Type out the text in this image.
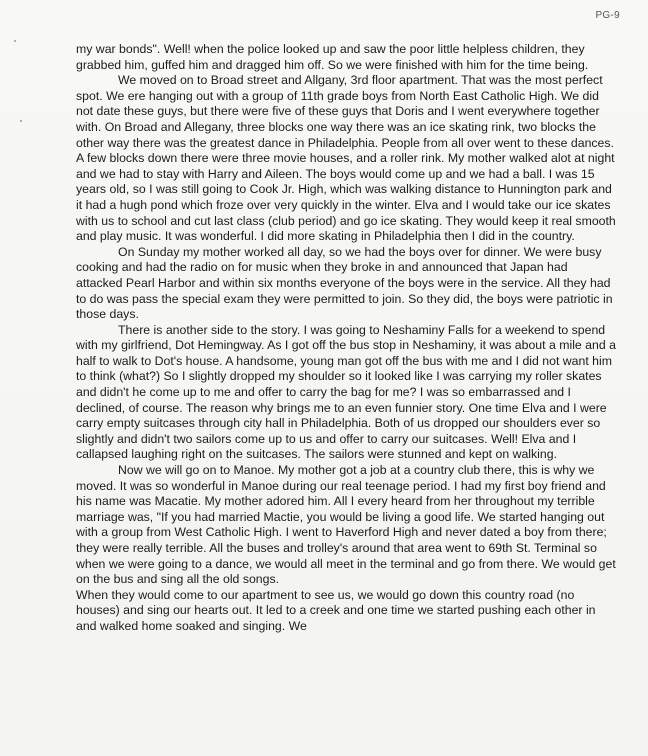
PG-9

my war bonds". Well! when the police looked up and saw the poor little helpless children, they grabbed him, guffed him and dragged him off. So we were finished with him for the time being.

We moved on to Broad street and Allgany, 3rd floor apartment. That was the most perfect spot. We ere hanging out with a group of 11th grade boys from North East Catholic High. We did not date these guys, but there were five of these guys that Doris and I went everywhere together with. On Broad and Allegany, three blocks one way there was an ice skating rink, two blocks the other way there was the greatest dance in Philadelphia. People from all over went to these dances. A few blocks down there were three movie houses, and a roller rink. My mother walked alot at night and we had to stay with Harry and Aileen. The boys would come up and we had a ball. I was 15 years old, so I was still going to Cook Jr. High, which was walking distance to Hunnington park and it had a hugh pond which froze over very quickly in the winter. Elva and I would take our ice skates with us to school and cut last class (club period) and go ice skating. They would keep it real smooth and play music. It was wonderful. I did more skating in Philadelphia then I did in the country.

On Sunday my mother worked all day, so we had the boys over for dinner. We were busy cooking and had the radio on for music when they broke in and announced that Japan had attacked Pearl Harbor and within six months everyone of the boys were in the service. All they had to do was pass the special exam they were permitted to join. So they did, the boys were patriotic in those days.

There is another side to the story. I was going to Neshaminy Falls for a weekend to spend with my girlfriend, Dot Hemingway. As I got off the bus stop in Neshaminy, it was about a mile and a half to walk to Dot's house. A handsome, young man got off the bus with me and I did not want him to think (what?) So I slightly dropped my shoulder so it looked like I was carrying my roller skates and didn't he come up to me and offer to carry the bag for me? I was so embarrassed and I declined, of course. The reason why brings me to an even funnier story. One time Elva and I were carry empty suitcases through city hall in Philadelphia. Both of us dropped our shoulders ever so slightly and didn't two sailors come up to us and offer to carry our suitcases. Well! Elva and I callapsed laughing right on the suitcases. The sailors were stunned and kept on walking.

Now we will go on to Manoe. My mother got a job at a country club there, this is why we moved. It was so wonderful in Manoe during our real teenage period. I had my first boy friend and his name was Macatie. My mother adored him. All I every heard from her throughout my terrible marriage was, "If you had married Mactie, you would be living a good life. We started hanging out with a group from West Catholic High. I went to Haverford High and never dated a boy from there; they were really terrible. All the buses and trolley's around that area went to 69th St. Terminal so when we were going to a dance, we would all meet in the terminal and go from there. We would get on the bus and sing all the old songs.

When they would come to our apartment to see us, we would go down this country road (no houses) and sing our hearts out. It led to a creek and one time we started pushing each other in and walked home soaked and singing. We
